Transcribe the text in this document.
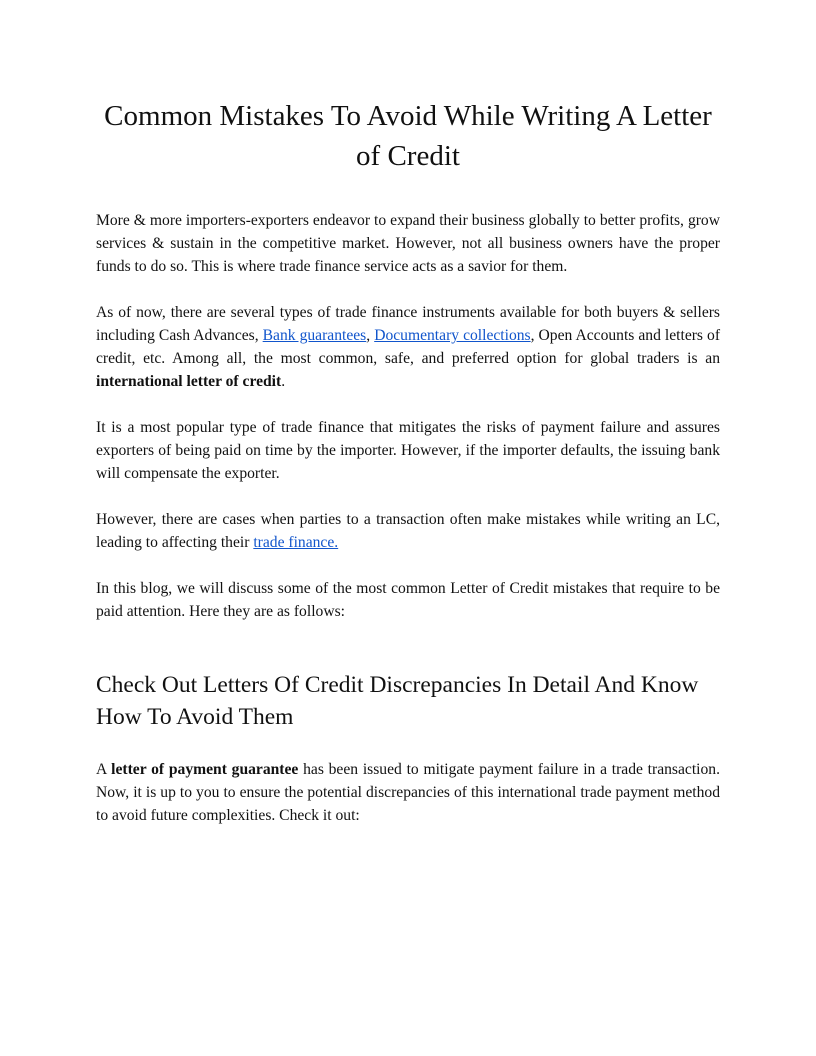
Common Mistakes To Avoid While Writing A Letter of Credit

More & more importers-exporters endeavor to expand their business globally to better profits, grow services & sustain in the competitive market. However, not all business owners have the proper funds to do so. This is where trade finance service acts as a savior for them.

As of now, there are several types of trade finance instruments available for both buyers & sellers including Cash Advances, Bank guarantees, Documentary collections, Open Accounts and letters of credit, etc. Among all, the most common, safe, and preferred option for global traders is an international letter of credit.

It is a most popular type of trade finance that mitigates the risks of payment failure and assures exporters of being paid on time by the importer. However, if the importer defaults, the issuing bank will compensate the exporter.

However, there are cases when parties to a transaction often make mistakes while writing an LC, leading to affecting their trade finance.

In this blog, we will discuss some of the most common Letter of Credit mistakes that require to be paid attention. Here they are as follows:

Check Out Letters Of Credit Discrepancies In Detail And Know How To Avoid Them

A letter of payment guarantee has been issued to mitigate payment failure in a trade transaction. Now, it is up to you to ensure the potential discrepancies of this international trade payment method to avoid future complexities. Check it out:
